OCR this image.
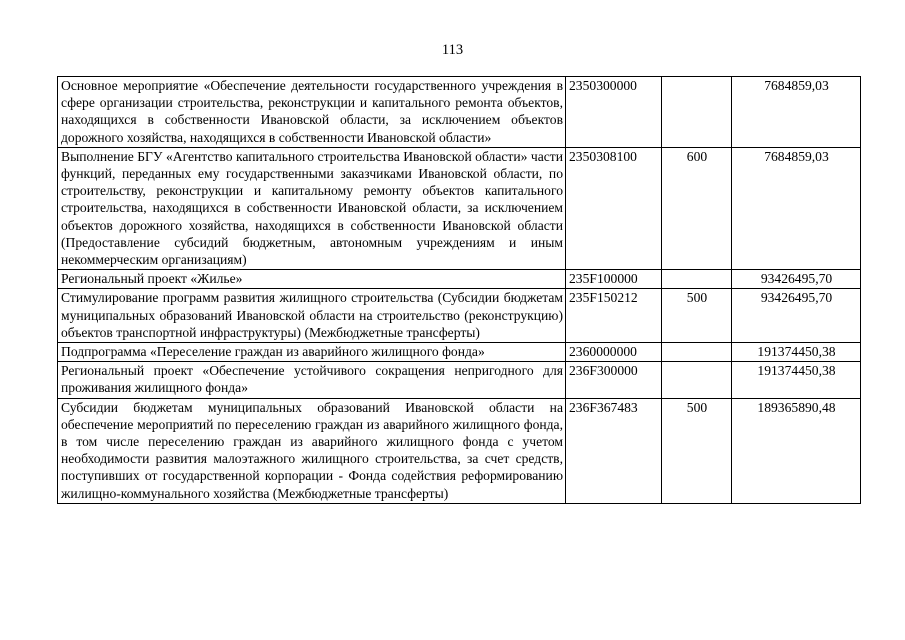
113
Основное мероприятие «Обеспечение деятельности государственного учреждения в сфере организации строительства, реконструкции и капитального ремонта объектов, находящихся в собственности Ивановской области, за исключением объектов дорожного хозяйства, находящихся в собственности Ивановской области»	2350300000		7684859,03
Выполнение БГУ «Агентство капитального строительства Ивановской области» части функций, переданных ему государственными заказчиками Ивановской области, по строительству, реконструкции и капитальному ремонту объектов капитального строительства, находящихся в собственности Ивановской области, за исключением объектов дорожного хозяйства, находящихся в собственности Ивановской области (Предоставление субсидий бюджетным, автономным учреждениям и иным некоммерческим организациям)	2350308100	600	7684859,03
Региональный проект «Жилье»	235F100000		93426495,70
Стимулирование программ развития жилищного строительства (Субсидии бюджетам муниципальных образований Ивановской области на строительство (реконструкцию) объектов транспортной инфраструктуры) (Межбюджетные трансферты)	235F150212	500	93426495,70
Подпрограмма «Переселение граждан из аварийного жилищного фонда»	2360000000		191374450,38
Региональный проект «Обеспечение устойчивого сокращения непригодного для проживания жилищного фонда»	236F300000		191374450,38
Субсидии бюджетам муниципальных образований Ивановской области на обеспечение мероприятий по переселению граждан из аварийного жилищного фонда, в том числе переселению граждан из аварийного жилищного фонда с учетом необходимости развития малоэтажного жилищного строительства, за счет средств, поступивших от государственной корпорации - Фонда содействия реформированию жилищно-коммунального хозяйства (Межбюджетные трансферты)	236F367483	500	189365890,48
